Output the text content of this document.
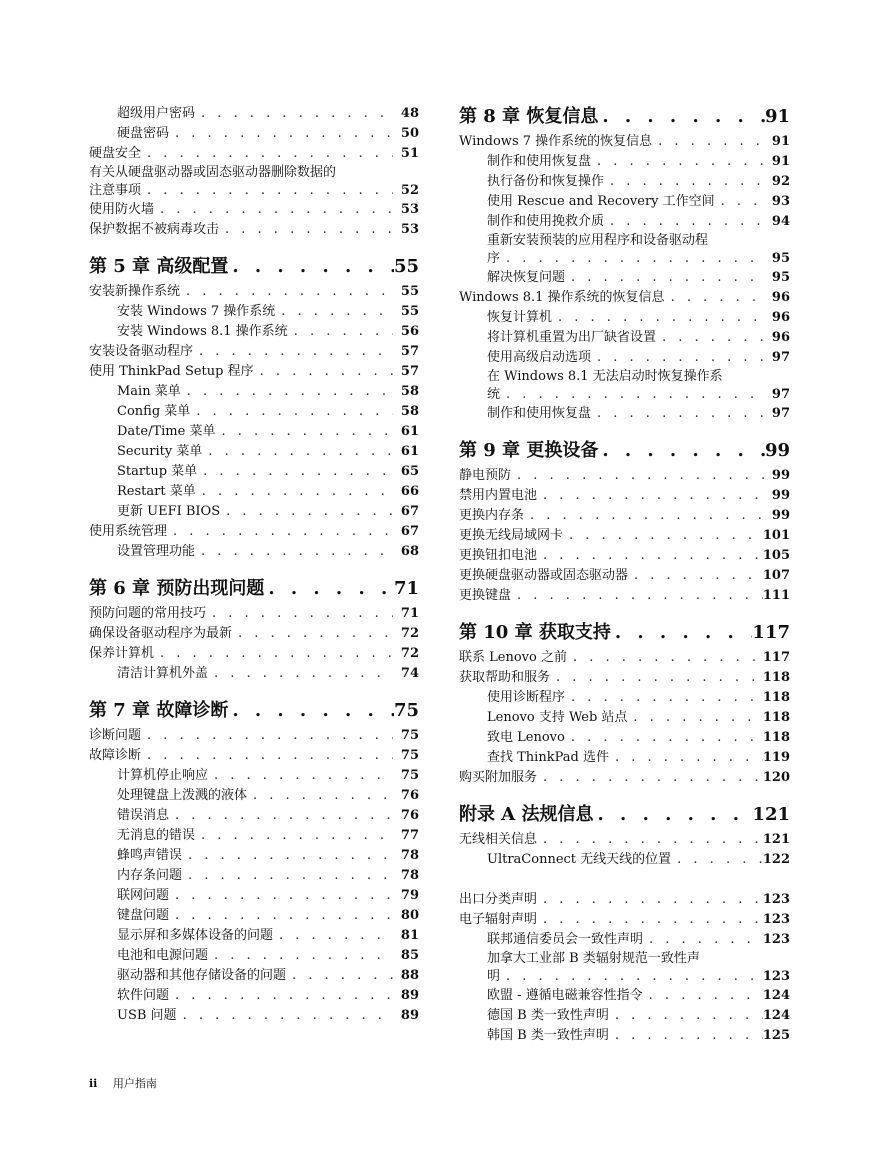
超级用户密码 . . .	48
硬盘密码 . . .	50
硬盘安全 . . .	51
有关从硬盘驱动器或固态驱动器删除数据的
注意事项 . . .	52
使用防火墙 . . .	53
保护数据不被病毒攻击 . . .	53
第 5 章 高级配置 . . .	55
安装新操作系统 . . .	55
安装 Windows 7 操作系统 . . .	55
安装 Windows 8.1 操作系统 . . .	56
安装设备驱动程序 . . .	57
使用 ThinkPad Setup 程序 . . .	57
Main 菜单 . . .	58
Config 菜单 . . .	58
Date/Time 菜单 . . .	61
Security 菜单 . . .	61
Startup 菜单 . . .	65
Restart 菜单 . . .	66
更新 UEFI BIOS . . .	67
使用系统管理 . . .	67
设置管理功能 . . .	68
第 6 章 预防出现问题 . . .	71
预防问题的常用技巧 . . .	71
确保设备驱动程序为最新 . . .	72
保养计算机 . . .	72
清洁计算机外盖 . . .	74
第 7 章 故障诊断 . . .	75
诊断问题 . . .	75
故障诊断 . . .	75
计算机停止响应 . . .	75
处理键盘上泼溅的液体 . . .	76
错误消息 . . .	76
无消息的错误 . . .	77
蜂鸣声错误 . . .	78
内存条问题 . . .	78
联网问题 . . .	79
键盘问题 . . .	80
显示屏和多媒体设备的问题 . . .	81
电池和电源问题 . . .	85
驱动器和其他存储设备的问题 . . .	88
软件问题 . . .	89
USB 问题 . . .	89
第 8 章 恢复信息 . . .	91
Windows 7 操作系统的恢复信息 . . .	91
制作和使用恢复盘 . . .	91
执行备份和恢复操作 . . .	92
使用 Rescue and Recovery 工作空间 . . .	93
制作和使用挽救介质 . . .	94
重新安装预装的应用程序和设备驱动程
序 . . .	95
解决恢复问题 . . .	95
Windows 8.1 操作系统的恢复信息 . . .	96
恢复计算机 . . .	96
将计算机重置为出厂缺省设置 . . .	96
使用高级启动选项 . . .	97
在 Windows 8.1 无法启动时恢复操作系
统 . . .	97
制作和使用恢复盘 . . .	97
第 9 章 更换设备 . . .	99
静电预防 . . .	99
禁用内置电池 . . .	99
更换内存条 . . .	99
更换无线局域网卡 . . .	101
更换钮扣电池 . . .	105
更换硬盘驱动器或固态驱动器 . . .	107
更换键盘 . . .	111
第 10 章 获取支持 . . .	117
联系 Lenovo 之前 . . .	117
获取帮助和服务 . . .	118
使用诊断程序 . . .	118
Lenovo 支持 Web 站点 . . .	118
致电 Lenovo . . .	118
查找 ThinkPad 选件 . . .	119
购买附加服务 . . .	120
附录 A 法规信息 . . .	121
无线相关信息 . . .	121
UltraConnect 无线天线的位置 . . .	122
出口分类声明 . . .	123
电子辐射声明 . . .	123
联邦通信委员会一致性声明 . . .	123
加拿大工业部 B 类辐射规范一致性声
明 . . .	123
欧盟 - 遵循电磁兼容性指令 . . .	124
德国 B 类一致性声明 . . .	124
韩国 B 类一致性声明 . . .	125
ii 用户指南
